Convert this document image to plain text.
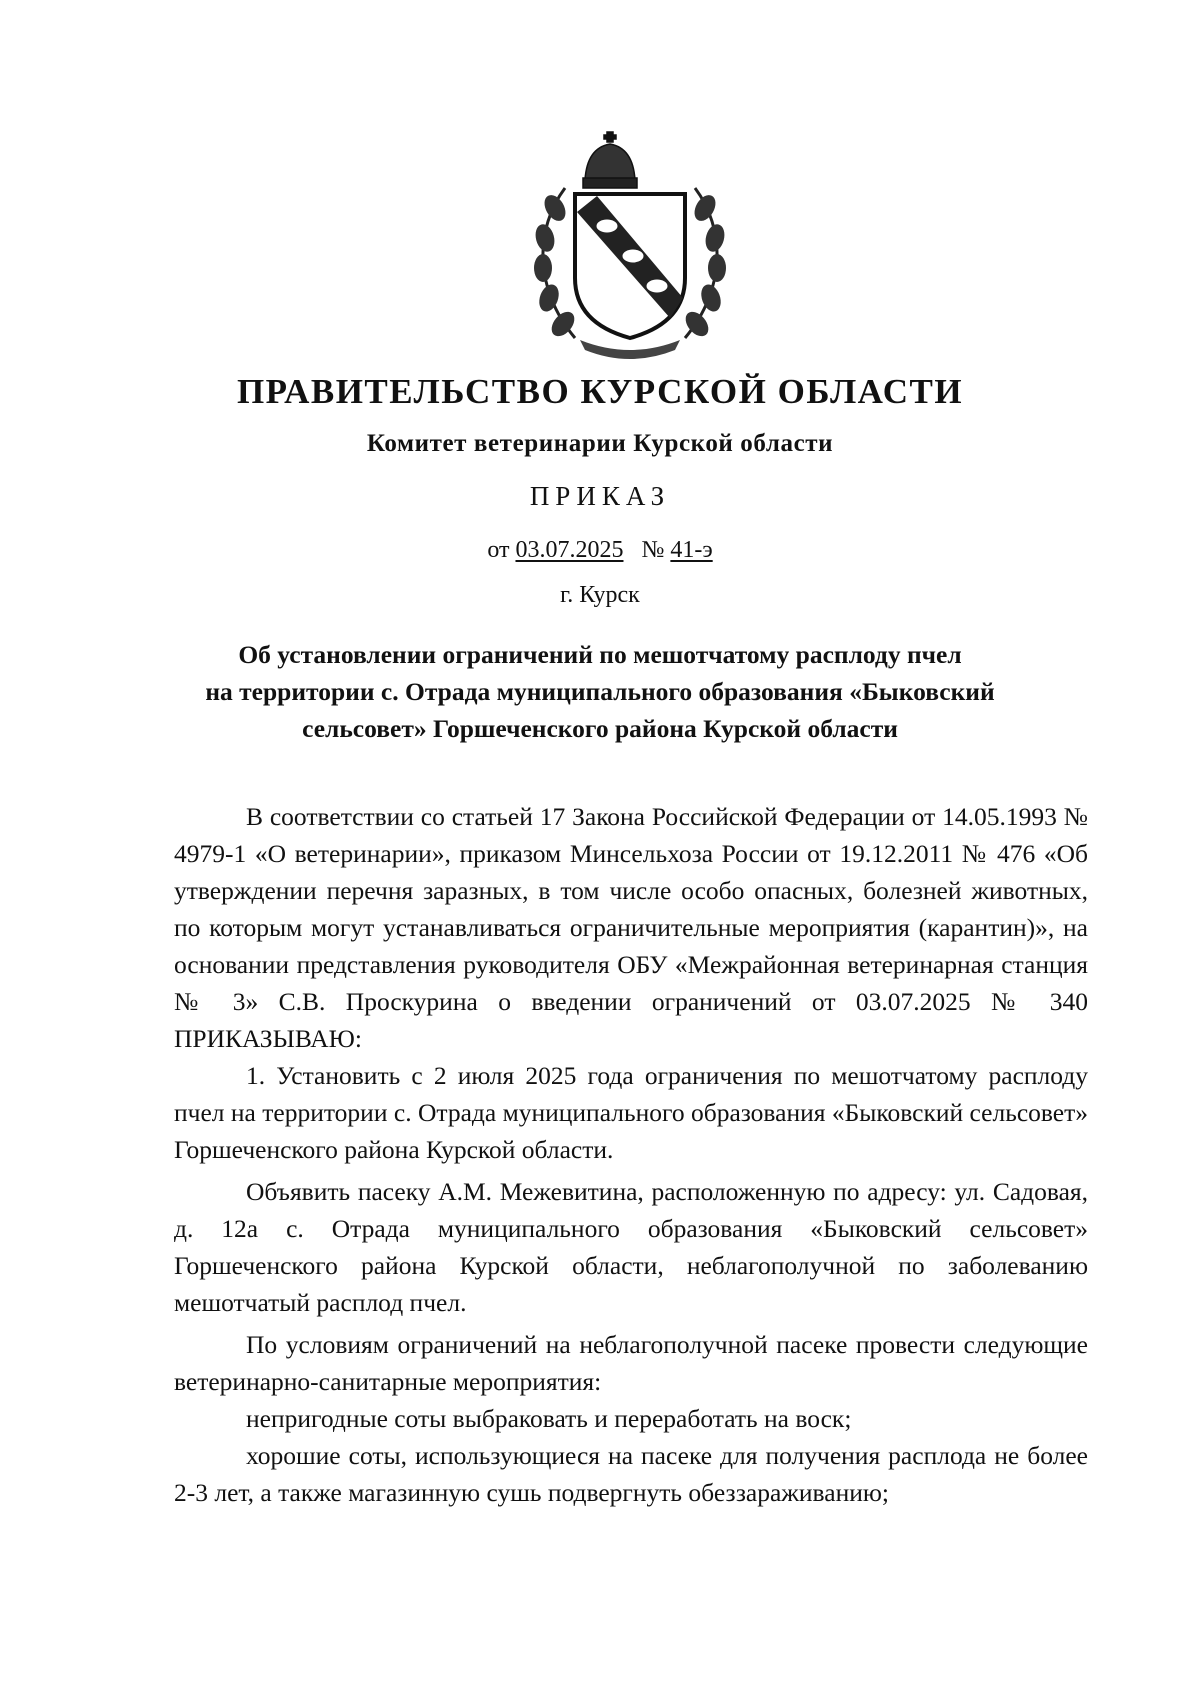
ПРАВИТЕЛЬСТВО КУРСКОЙ ОБЛАСТИ
Комитет ветеринарии Курской области
ПРИКАЗ
от 03.07.2025 № 41-э
г. Курск
Об установлении ограничений по мешотчатому расплоду пчел
на территории с. Отрада муниципального образования «Быковский
сельсовет» Горшеченского района Курской области

В соответствии со статьей 17 Закона Российской Федерации от 14.05.1993 № 4979-1 «О ветеринарии», приказом Минсельхоза России от 19.12.2011 № 476 «Об утверждении перечня заразных, в том числе особо опасных, болезней животных, по которым могут устанавливаться ограничительные мероприятия (карантин)», на основании представления руководителя ОБУ «Межрайонная ветеринарная станция № 3» С.В. Проскурина о введении ограничений от 03.07.2025 № 340 ПРИКАЗЫВАЮ:

1. Установить с 2 июля 2025 года ограничения по мешотчатому расплоду пчел на территории с. Отрада муниципального образования «Быковский сельсовет» Горшеченского района Курской области.

Объявить пасеку А.М. Межевитина, расположенную по адресу: ул. Садовая, д. 12а с. Отрада муниципального образования «Быковский сельсовет» Горшеченского района Курской области, неблагополучной по заболеванию мешотчатый расплод пчел.

По условиям ограничений на неблагополучной пасеке провести следующие ветеринарно-санитарные мероприятия:

непригодные соты выбраковать и переработать на воск;

хорошие соты, использующиеся на пасеке для получения расплода не более 2-3 лет, а также магазинную сушь подвергнуть обеззараживанию;
